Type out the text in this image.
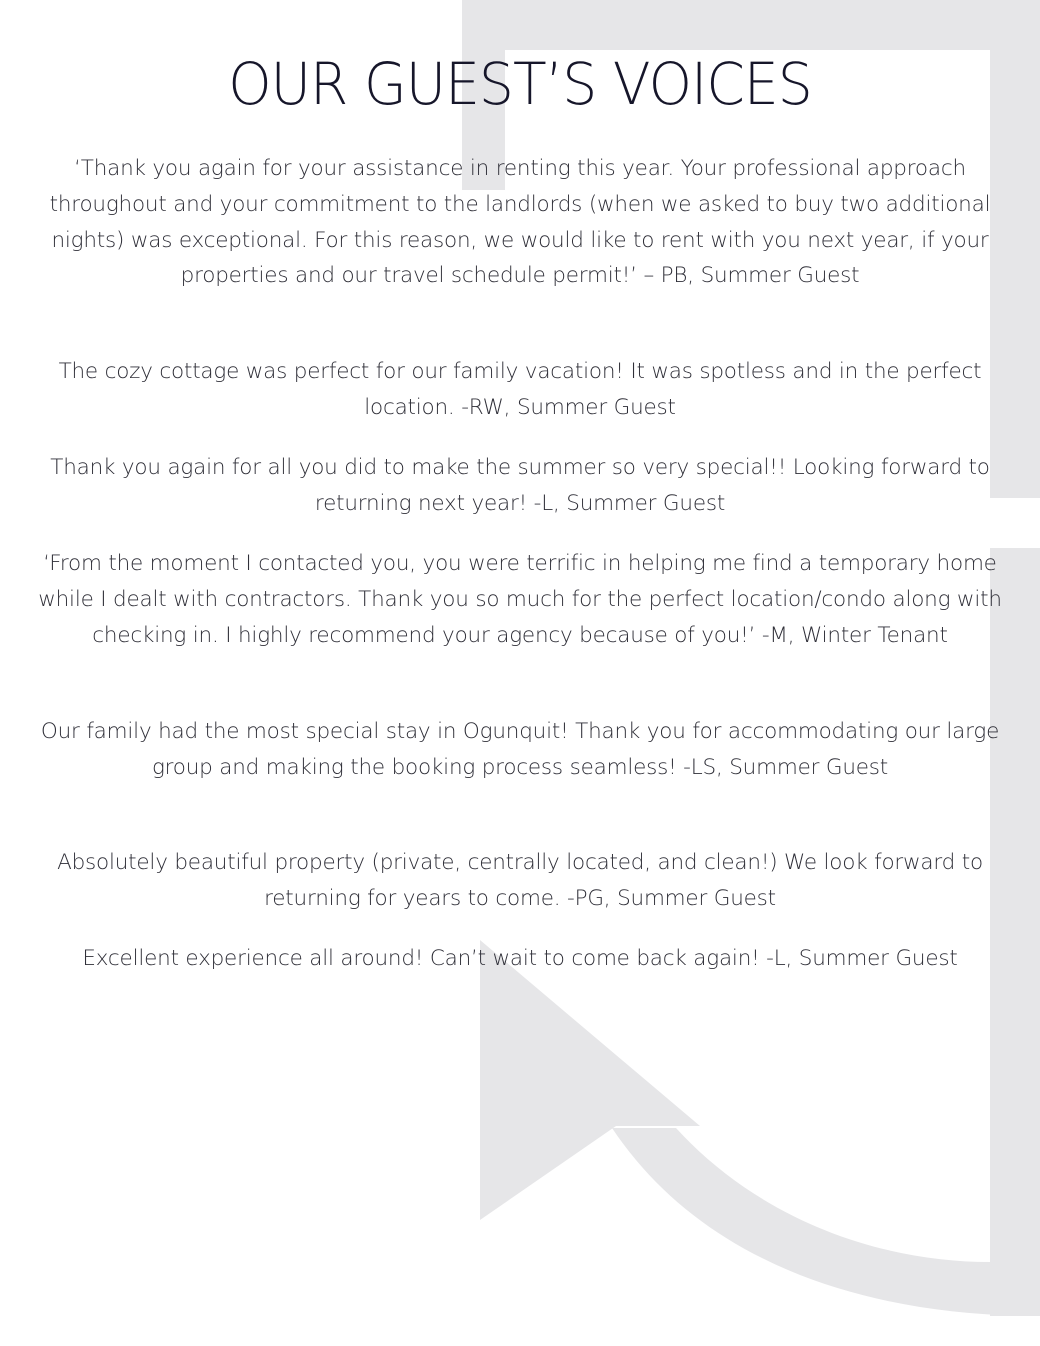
OUR GUEST’S VOICES

‘Thank you again for your assistance in renting this year. Your professional approach throughout and your commitment to the landlords (when we asked to buy two additional nights) was exceptional. For this reason, we would like to rent with you next year, if your properties and our travel schedule permit!’ – PB, Summer Guest

The cozy cottage was perfect for our family vacation! It was spotless and in the perfect location. -RW, Summer Guest

Thank you again for all you did to make the summer so very special!! Looking forward to returning next year! -L, Summer Guest

‘From the moment I contacted you, you were terrific in helping me find a temporary home while I dealt with contractors. Thank you so much for the perfect location/condo along with checking in. I highly recommend your agency because of you!’ -M, Winter Tenant

Our family had the most special stay in Ogunquit! Thank you for accommodating our large group and making the booking process seamless! -LS, Summer Guest

Absolutely beautiful property (private, centrally located, and clean!) We look forward to returning for years to come. -PG, Summer Guest

Excellent experience all around! Can’t wait to come back again! -L, Summer Guest
